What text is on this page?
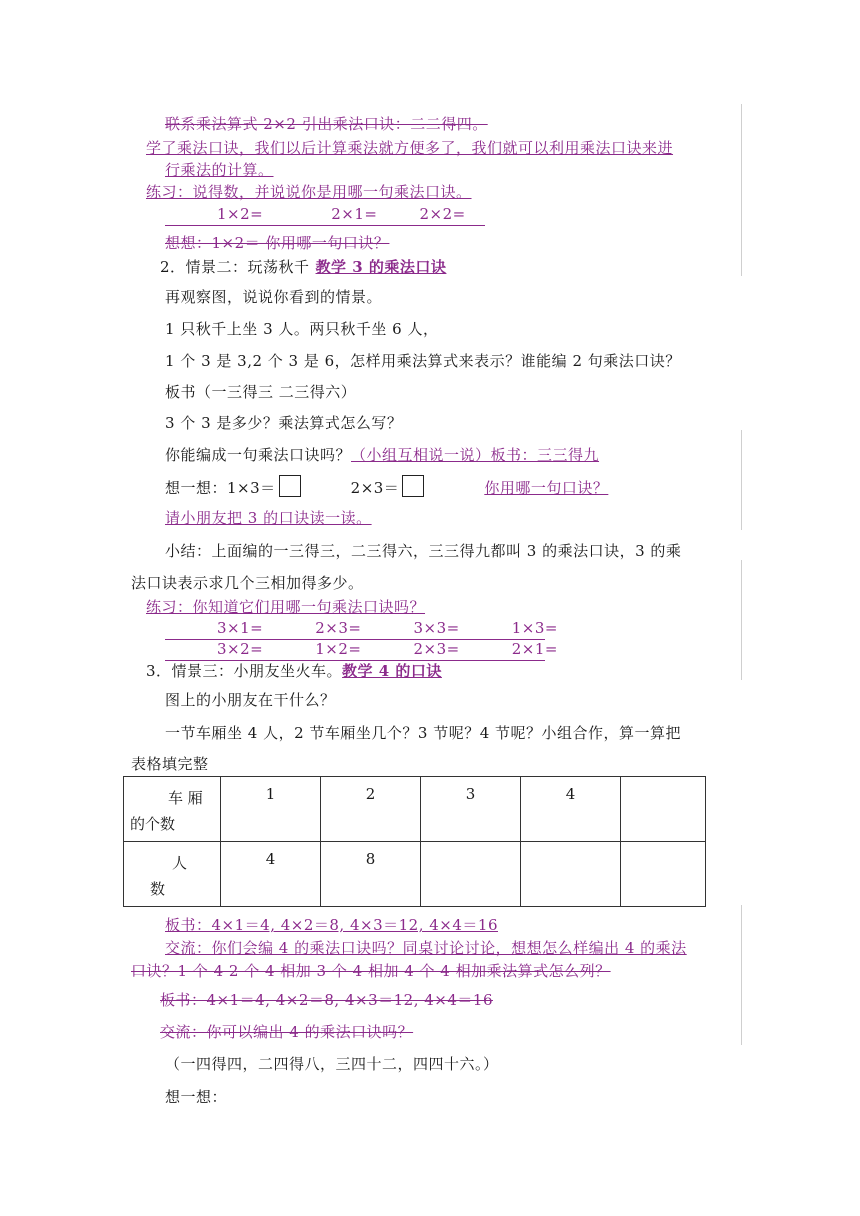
联系乘法算式 2×2 引出乘法口诀：二二得四。
学了乘法口诀，我们以后计算乘法就方便多了，我们就可以利用乘法口诀来进
行乘法的计算。
练习：说得数，并说说你是用哪一句乘法口诀。
1×2=	2×1=	2×2=
想想：1×2＝ 你用哪一句口诀？
2．情景二：玩荡秋千 教学 3 的乘法口诀
再观察图，说说你看到的情景。
1 只秋千上坐 3 人。两只秋千坐 6 人，
1 个 3 是 3,2 个 3 是 6，怎样用乘法算式来表示？谁能编 2 句乘法口诀？
板书（一三得三 二三得六）
3 个 3 是多少？乘法算式怎么写？
你能编成一句乘法口诀吗？（小组互相说一说）板书：三三得九
想一想：1×3＝	2×3＝	你用哪一句口诀？
请小朋友把 3 的口诀读一读。
小结：上面编的一三得三，二三得六，三三得九都叫 3 的乘法口诀，3 的乘
法口诀表示求几个三相加得多少。
练习：你知道它们用哪一句乘法口诀吗？
3×1=	2×3=	3×3=	1×3=
3×2=	1×2=	2×3=	2×1=
3．情景三：小朋友坐火车。教学 4 的口诀
图上的小朋友在干什么？
一节车厢坐 4 人，2 节车厢坐几个？3 节呢？4 节呢？小组合作，算一算把
表格填完整
车 厢
的个数	1	2	3	4	

人
数	4	8			

板书：4×1＝4, 4×2＝8, 4×3＝12, 4×4＝16
交流：你们会编 4 的乘法口诀吗？同桌讨论讨论，想想怎么样编出 4 的乘法
口诀？1 个 4 2 个 4 相加 3 个 4 相加 4 个 4 相加乘法算式怎么列？
板书：4×1＝4, 4×2＝8, 4×3＝12, 4×4＝16
交流：你可以编出 4 的乘法口诀吗？
（一四得四，二四得八，三四十二，四四十六。）
想一想：
